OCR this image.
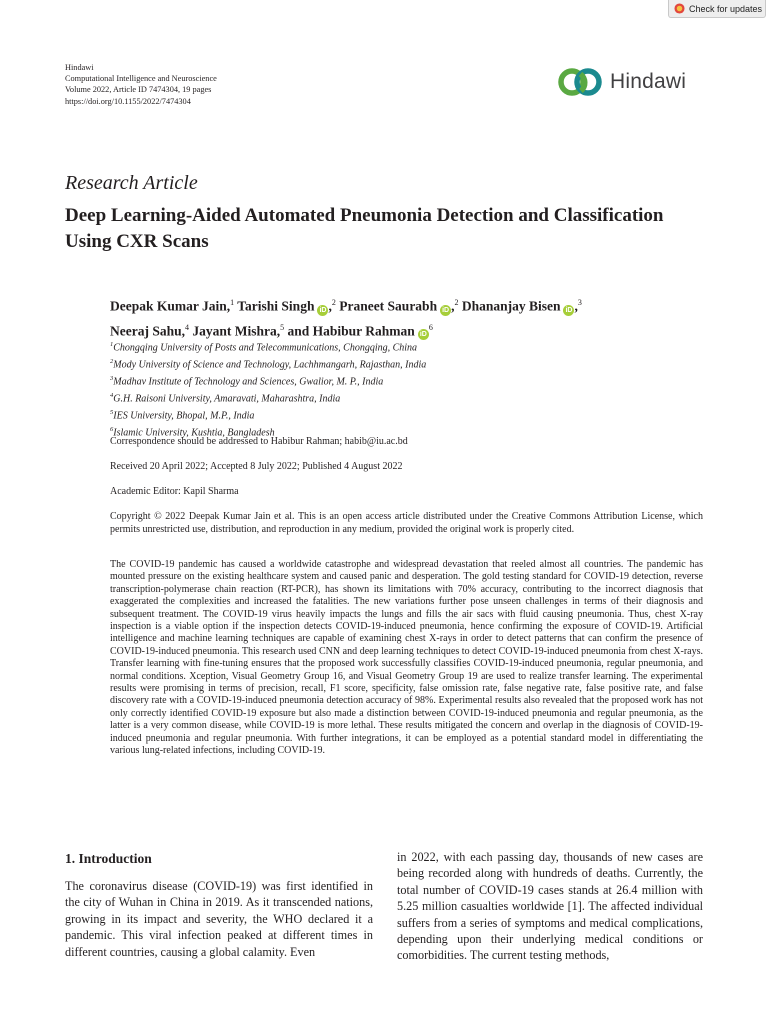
Check for updates
Hindawi
Computational Intelligence and Neuroscience
Volume 2022, Article ID 7474304, 19 pages
https://doi.org/10.1155/2022/7474304
Hindawi
Research Article
Deep Learning-Aided Automated Pneumonia Detection and Classification Using CXR Scans
Deepak Kumar Jain,$^1$ Tarishi Singh iD ,$^2$ Praneet Saurabh iD ,$^2$ Dhananjay Bisen iD ,$^3$
Neeraj Sahu,$^4$ Jayant Mishra,$^5$ and Habibur Rahman $iD^6$
$^1$Chongqing University of Posts and Telecommunications, Chongqing, China
$^2$Mody University of Science and Technology, Lachhmangarh, Rajasthan, India
$^3$Madhav Institute of Technology and Sciences, Gwalior, M. P., India
$^4$G.H. Raisoni University, Amaravati, Maharashtra, India
$^5$IES University, Bhopal, M.P., India
$^6$Islamic University, Kushtia, Bangladesh
Correspondence should be addressed to Habibur Rahman; habib@iu.ac.bd
Received 20 April 2022; Accepted 8 July 2022; Published 4 August 2022
Academic Editor: Kapil Sharma
Copyright © 2022 Deepak Kumar Jain et al. This is an open access article distributed under the Creative Commons Attribution License, which permits unrestricted use, distribution, and reproduction in any medium, provided the original work is properly cited.
The COVID-19 pandemic has caused a worldwide catastrophe and widespread devastation that reeled almost all countries. The pandemic has mounted pressure on the existing healthcare system and caused panic and desperation. The gold testing standard for COVID-19 detection, reverse transcription-polymerase chain reaction (RT-PCR), has shown its limitations with 70% accuracy, contributing to the incorrect diagnosis that exaggerated the complexities and increased the fatalities. The new variations further pose unseen challenges in terms of their diagnosis and subsequent treatment. The COVID-19 virus heavily impacts the lungs and fills the air sacs with fluid causing pneumonia. Thus, chest X-ray inspection is a viable option if the inspection detects COVID-19-induced pneumonia, hence confirming the exposure of COVID-19. Artificial intelligence and machine learning techniques are capable of examining chest X-rays in order to detect patterns that can confirm the presence of COVID-19-induced pneumonia. This research used CNN and deep learning techniques to detect COVID-19-induced pneumonia from chest X-rays. Transfer learning with fine-tuning ensures that the proposed work successfully classifies COVID-19-induced pneumonia, regular pneumonia, and normal conditions. Xception, Visual Geometry Group 16, and Visual Geometry Group 19 are used to realize transfer learning. The experimental results were promising in terms of precision, recall, F1 score, specificity, false omission rate, false negative rate, false positive rate, and false discovery rate with a COVID-19-induced pneumonia detection accuracy of 98%. Experimental results also revealed that the proposed work has not only correctly identified COVID-19 exposure but also made a distinction between COVID-19-induced pneumonia and regular pneumonia, as the latter is a very common disease, while COVID-19 is more lethal. These results mitigated the concern and overlap in the diagnosis of COVID-19-induced pneumonia and regular pneumonia. With further integrations, it can be employed as a potential standard model in differentiating the various lung-related infections, including COVID-19.
1. Introduction
The coronavirus disease (COVID-19) was first identified in the city of Wuhan in China in 2019. As it transcended nations, growing in its impact and severity, the WHO declared it a pandemic. This viral infection peaked at different times in different countries, causing a global calamity. Even
in 2022, with each passing day, thousands of new cases are being recorded along with hundreds of deaths. Currently, the total number of COVID-19 cases stands at 26.4 million with 5.25 million casualties worldwide [1]. The affected individual suffers from a series of symptoms and medical complications, depending upon their underlying medical conditions or comorbidities. The current testing methods,
